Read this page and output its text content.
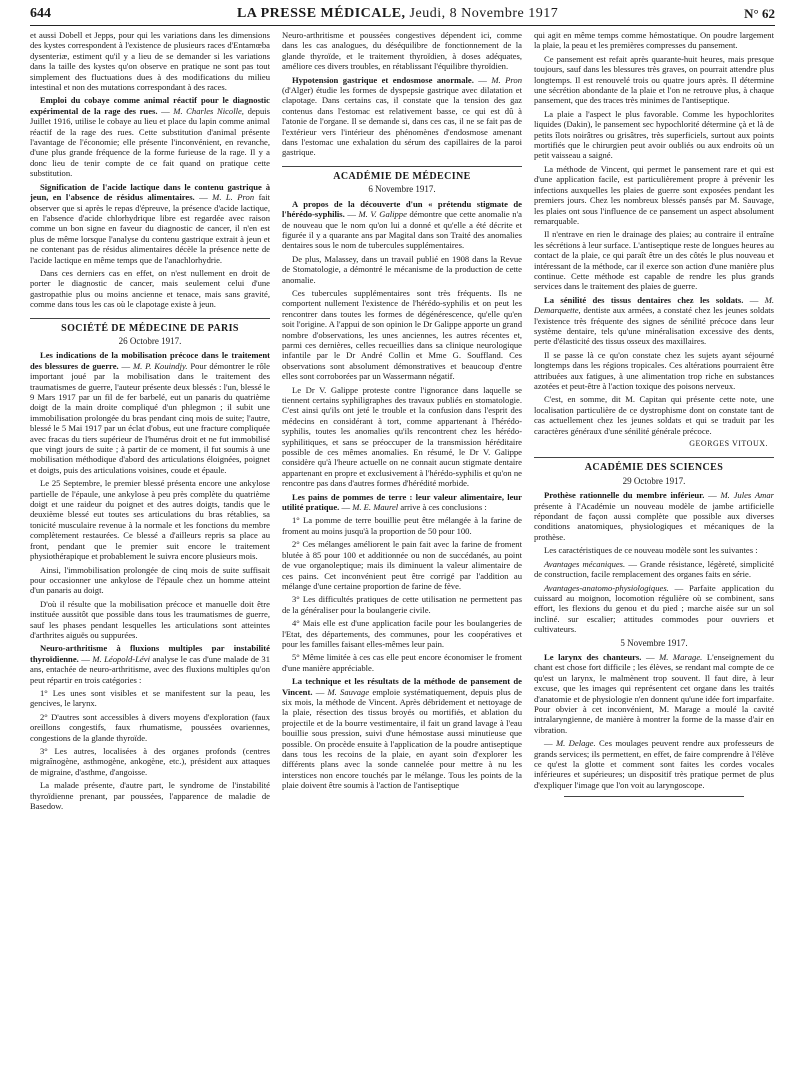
644	LA PRESSE MÉDICALE, Jeudi, 8 Novembre 1917	N° 62

et aussi Dobell et Jepps, pour qui les variations dans les dimensions des kystes correspondent à l'existence de plusieurs races d'Entamœba dysenteriæ, estiment qu'il y a lieu de se demander si les variations dans la taille des kystes qu'on observe en pratique ne sont pas tout simplement des fluctuations dues à des modifications du milieu intestinal et non des mutations correspondant à des races.

Emploi du cobaye comme animal réactif pour le diagnostic expérimental de la rage des rues. — M. Charles Nicolle, depuis Juillet 1916, utilise le cobaye au lieu et place du lapin comme animal réactif de la rage des rues. Cette substitution d'animal présente l'avantage de l'économie; elle présente l'inconvénient, en revanche, d'une plus grande fréquence de la forme furieuse de la rage. Il y a donc lieu de tenir compte de ce fait quand on pratique cette substitution.

Signification de l'acide lactique dans le contenu gastrique à jeun, en l'absence de résidus alimentaires. — M. L. Pron fait observer que si après le repas d'épreuve, la présence d'acide lactique, en l'absence d'acide chlorhydrique libre est regardée avec raison comme un bon signe en faveur du diagnostic de cancer, il n'en est plus de même lorsque l'analyse du contenu gastrique extrait à jeun et ne contenant pas de résidus alimentaires décèle la présence nette de l'acide lactique en même temps que de l'anachlorhydrie.

Dans ces derniers cas en effet, on n'est nullement en droit de porter le diagnostic de cancer, mais seulement celui d'une gastropathie plus ou moins ancienne et tenace, mais sans gravité, comme dans tous les cas où le clapotage existe à jeun.

SOCIÉTÉ DE MÉDECINE DE PARIS
26 Octobre 1917.

Les indications de la mobilisation précoce dans le traitement des blessures de guerre. — M. P. Kouindjy. Pour démontrer le rôle important joué par la mobilisation dans le traitement des traumatismes de guerre, l'auteur présente deux blessés : l'un, blessé le 9 Mars 1917 par un fil de fer barbelé, eut un panaris du quatrième doigt de la main droite compliqué d'un phlegmon ; il subit une immobilisation prolongée du bras pendant cinq mois de suite; l'autre, blessé le 5 Mai 1917 par un éclat d'obus, eut une fracture compliquée avec fracas du tiers supérieur de l'humérus droit et ne fut immobilisé que vingt jours de suite ; à partir de ce moment, il fut soumis à une mobilisation méthodique d'abord des articulations éloignées, poignet et doigts, puis des articulations voisines, coude et épaule.

Le 25 Septembre, le premier blessé présenta encore une ankylose partielle de l'épaule, une ankylose à peu près complète du quatrième doigt et une raideur du poignet et des autres doigts, tandis que le deuxième blessé eut toutes ses articulations du bras rétablies, sa tonicité musculaire revenue à la normale et les fonctions du membre complètement restaurées. Ce blessé a d'ailleurs repris sa place au front, pendant que le premier suit encore le traitement physiothérapique et probablement le suivra encore plusieurs mois.

Ainsi, l'immobilisation prolongée de cinq mois de suite suffisait pour occasionner une ankylose de l'épaule chez un homme atteint d'un panaris au doigt.

D'où il résulte que la mobilisation précoce et manuelle doit être instituée aussitôt que possible dans tous les traumatismes de guerre, sauf les phases pendant lesquelles les articulations sont atteintes d'arthrites aiguës ou suppurées.

Neuro-arthritisme à fluxions multiples par instabilité thyroïdienne. — M. Léopold-Lévi analyse le cas d'une malade de 31 ans, entachée de neuro-arthritisme, avec des fluxions multiples qu'on peut répartir en trois catégories :

1° Les unes sont visibles et se manifestent sur la peau, les gencives, le larynx.

2° D'autres sont accessibles à divers moyens d'exploration (faux oreillons congestifs, faux rhumatisme, poussées ovariennes, congestions de la glande thyroïde.

3° Les autres, localisées à des organes profonds (centres migraînogène, asthmogène, ankogène, etc.), président aux attaques de migraine, d'asthme, d'angoisse.

La malade présente, d'autre part, le syndrome de l'instabilité thyroïdienne prenant, par poussées, l'apparence de maladie de Basedow.

Neuro-arthritisme et poussées congestives dépendent ici, comme dans les cas analogues, du déséquilibre de fonctionnement de la glande thyroïde, et le traitement thyroïdien, à doses adéquates, améliore ces divers troubles, en rétablissant l'équilibre thyroïdien.

Hypotension gastrique et endosmose anormale. — M. Pron (d'Alger) étudie les formes de dyspepsie gastrique avec dilatation et clapotage. Dans certains cas, il constate que la tension des gaz contenus dans l'estomac est relativement basse, ce qui est dû à l'atonie de l'organe. Il se demande si, dans ces cas, il ne se fait pas de l'extérieur vers l'intérieur des phénomènes d'endosmose amenant dans l'estomac une exhalation du sérum des capillaires de la paroi gastrique.

ACADÉMIE DE MÉDECINE
6 Novembre 1917.

A propos de la découverte d'un « prétendu stigmate de l'hérédo-syphilis. — M. V. Galippe démontre que cette anomalie n'a de nouveau que le nom qu'on lui a donné et qu'elle a été décrite et figurée il y a quarante ans par Magital dans son Traité des anomalies dentaires sous le nom de tubercules supplémentaires.

De plus, Malassey, dans un travail publié en 1908 dans la Revue de Stomatologie, a démontré le mécanisme de la production de cette anomalie.

Ces tubercules supplémentaires sont très fréquents. Ils ne comportent nullement l'existence de l'hérédo-syphilis et on peut les rencontrer dans toutes les formes de dégénérescence, qu'elle qu'en soit l'origine. A l'appui de son opinion le Dr Galippe apporte un grand nombre d'observations, les unes anciennes, les autres récentes et, parmi ces dernières, celles recueillies dans sa clinique neurologique infantile par le Dr André Collin et Mme G. Souffland. Ces observations sont absolument démonstratives et beaucoup d'entre elles sont corroborées par un Wassermann négatif.

Le Dr V. Galippe proteste contre l'ignorance dans laquelle se tiennent certains syphiligraphes des travaux publiés en stomatologie. C'est ainsi qu'ils ont jeté le trouble et la confusion dans l'esprit des médecins en considérant à tort, comme appartenant à l'hérédo-syphilis, toutes les anomalies qu'ils rencontrent chez les hérédo-syphilitiques, et sans se préoccuper de la transmission héréditaire possible de ces mêmes anomalies. En résumé, le Dr V. Galippe considère qu'à l'heure actuelle on ne connait aucun stigmate dentaire appartenant en propre et exclusivement à l'hérédo-syphilis et qu'on ne rencontre pas dans d'autres formes d'hérédité morbide.

Les pains de pommes de terre : leur valeur alimentaire, leur utilité pratique. — M. E. Maurel arrive à ces conclusions :

1° La pomme de terre bouillie peut être mélangée à la farine de froment au moins jusqu'à la proportion de 50 pour 100.

2° Ces mélanges améliorent le pain fait avec la farine de froment blutée à 85 pour 100 et additionnée ou non de succédanés, au point de vue organoleptique; mais ils diminuent la valeur alimentaire de ces pains. Cet inconvénient peut être corrigé par l'addition au mélange d'une certaine proportion de farine de fève.

3° Les difficultés pratiques de cette utilisation ne permettent pas de la généraliser pour la boulangerie civile.

4° Mais elle est d'une application facile pour les boulangeries de l'Etat, des départements, des communes, pour les coopératives et pour les familles faisant elles-mêmes leur pain.

5° Même limitée à ces cas elle peut encore économiser le froment d'une manière appréciable.

La technique et les résultats de la méthode de pansement de Vincent. — M. Sauvage emploie systématiquement, depuis plus de six mois, la méthode de Vincent. Après débridement et nettoyage de la plaie, résection des tissus broyés ou mortifiés, et ablation du projectile et de la bourre vestimentaire, il fait un grand lavage à l'eau bouillie sous pression, suivi d'une hémostase aussi minutieuse que possible. On procède ensuite à l'application de la poudre antiseptique dans tous les recoins de la plaie, en ayant soin d'explorer les différents plans avec la sonde cannelée pour mettre à nu les interstices non encore touchés par le mélange. Tous les points de la plaie doivent être soumis à l'action de l'antiseptique

qui agit en même temps comme hémostatique. On poudre largement la plaie, la peau et les premières compresses du pansement.

Ce pansement est refait après quarante-huit heures, mais presque toujours, sauf dans les blessures très graves, on pourrait attendre plus longtemps. Il est renouvelé trois ou quatre jours après. Il détermine une sécrétion abondante de la plaie et l'on ne retrouve plus, à chaque pansement, que des traces très minimes de l'antiseptique.

La plaie a l'aspect le plus favorable. Comme les hypochlorites liquides (Dakin), le pansement sec hypochlorité détermine çà et là de petits îlots noirâtres ou grisâtres, très superficiels, surtout aux points mortifiés que le chirurgien peut avoir oubliés ou aux endroits où un petit vaisseau a saigné.

La méthode de Vincent, qui permet le pansement rare et qui est d'une application facile, est particulièrement propre à prévenir les infections auxquelles les plaies de guerre sont exposées pendant les premiers jours. Chez les nombreux blessés pansés par M. Sauvage, les plaies ont sous l'influence de ce pansement un aspect absolument remarquable.

Il n'entrave en rien le drainage des plaies; au contraire il entraîne les sécrétions à leur surface. L'antiseptique reste de longues heures au contact de la plaie, ce qui paraît être un des côtés le plus nouveau et intéressant de la méthode, car il exerce son action d'une manière plus continue. Cette méthode est capable de rendre les plus grands services dans le traitement des plaies de guerre.

La sénilité des tissus dentaires chez les soldats. — M. Demarquette, dentiste aux armées, a constaté chez les jeunes soldats l'existence très fréquente des signes de sénilité précoce dans leur système dentaire, tels qu'une minéralisation excessive des dents, perte d'élasticité des tissus osseux des maxillaires.

Il se passe là ce qu'on constate chez les sujets ayant séjourné longtemps dans les régions tropicales. Ces altérations pourraient être attribuées aux fatigues, à une alimentation trop riche en substances azotées et peut-être à l'action toxique des poisons nerveux.

C'est, en somme, dit M. Capitan qui présente cette note, une localisation particulière de ce dystrophisme dont on constate tant de cas actuellement chez les jeunes soldats et qui se traduit par les caractères généraux d'une sénilité générale précoce.

GEORGES VITOUX.
ACADÉMIE DES SCIENCES
29 Octobre 1917.

Prothèse rationnelle du membre inférieur. — M. Jules Amar présente à l'Académie un nouveau modèle de jambe artificielle répondant de façon aussi complète que possible aux diverses conditions anatomiques, physiologiques et mécaniques de la prothèse.

Les caractéristiques de ce nouveau modèle sont les suivantes :

Avantages mécaniques. — Grande résistance, légèreté, simplicité de construction, facile remplacement des organes faits en série.

Avantages-anatomo-physiologiques. — Parfaite application du cuissard au moignon, locomotion régulière où se combinent, sans effort, les flexions du genou et du pied ; marche aisée sur un sol incliné. sur escalier; attitudes commodes pour ouvriers et cultivateurs.

5 Novembre 1917.

Le larynx des chanteurs. — M. Marage. L'enseignement du chant est chose fort difficile ; les élèves, se rendant mal compte de ce qu'est un larynx, le malmènent trop souvent. Il faut dire, à leur excuse, que les images qui représentent cet organe dans les traités d'anatomie et de physiologie n'en donnent qu'une idée fort imparfaite. Pour obvier à cet inconvénient, M. Marage a moulé la cavité intralaryngienne, de manière à montrer la forme de la masse d'air en vibration.

— M. Delage. Ces moulages peuvent rendre aux professeurs de grands services; ils permettent, en effet, de faire comprendre à l'élève ce qu'est la glotte et comment sont faites les cordes vocales inférieures et supérieures; un dispositif très pratique permet de plus d'expliquer l'image que l'on voit au laryngoscope.
